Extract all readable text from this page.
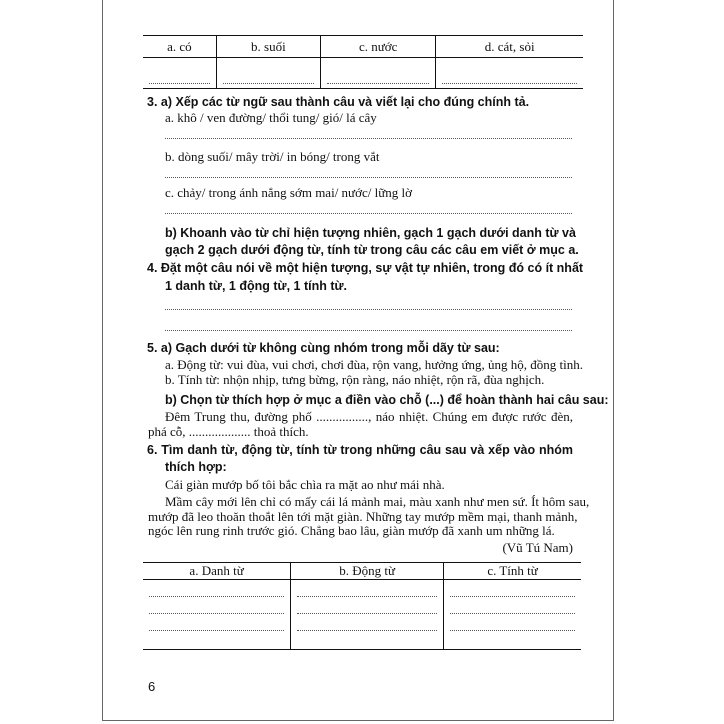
a. có	b. suối	c. nước	d. cát, sỏi

3. a) Xếp các từ ngữ sau thành câu và viết lại cho đúng chính tả.
a. khô / ven đường/ thổi tung/ gió/ lá cây
b. dòng suối/ mây trời/ in bóng/ trong vắt
c. chảy/ trong ánh nắng sớm mai/ nước/ lững lờ
b) Khoanh vào từ chỉ hiện tượng nhiên, gạch 1 gạch dưới danh từ và
gạch 2 gạch dưới động từ, tính từ trong câu các câu em viết ở mục a.
4. Đặt một câu nói về một hiện tượng, sự vật tự nhiên, trong đó có ít nhất
1 danh từ, 1 động từ, 1 tính từ.
5. a) Gạch dưới từ không cùng nhóm trong mỗi dãy từ sau:
a. Động từ: vui đùa, vui chơi, chơi đùa, rộn vang, hưởng ứng, ủng hộ, đồng tình.
b. Tính từ: nhộn nhịp, tưng bừng, rộn ràng, náo nhiệt, rộn rã, đùa nghịch.
b) Chọn từ thích hợp ở mục a điền vào chỗ (...) để hoàn thành hai câu sau:
Đêm Trung thu, đường phố ................, náo nhiệt. Chúng em được rước đèn,
phá cỗ, ................... thoả thích.
6. Tìm danh từ, động từ, tính từ trong những câu sau và xếp vào nhóm
thích hợp:
Cái giàn mướp bố tôi bắc chìa ra mặt ao như mái nhà.
Mầm cây mới lên chỉ có mấy cái lá mảnh mai, màu xanh như men sứ. Ít hôm sau,
mướp đã leo thoăn thoắt lên tới mặt giàn. Những tay mướp mềm mại, thanh mảnh,
ngóc lên rung rinh trước gió. Chẳng bao lâu, giàn mướp đã xanh um những lá.
(Vũ Tú Nam)
a. Danh từ	b. Động từ	c. Tính từ

6
